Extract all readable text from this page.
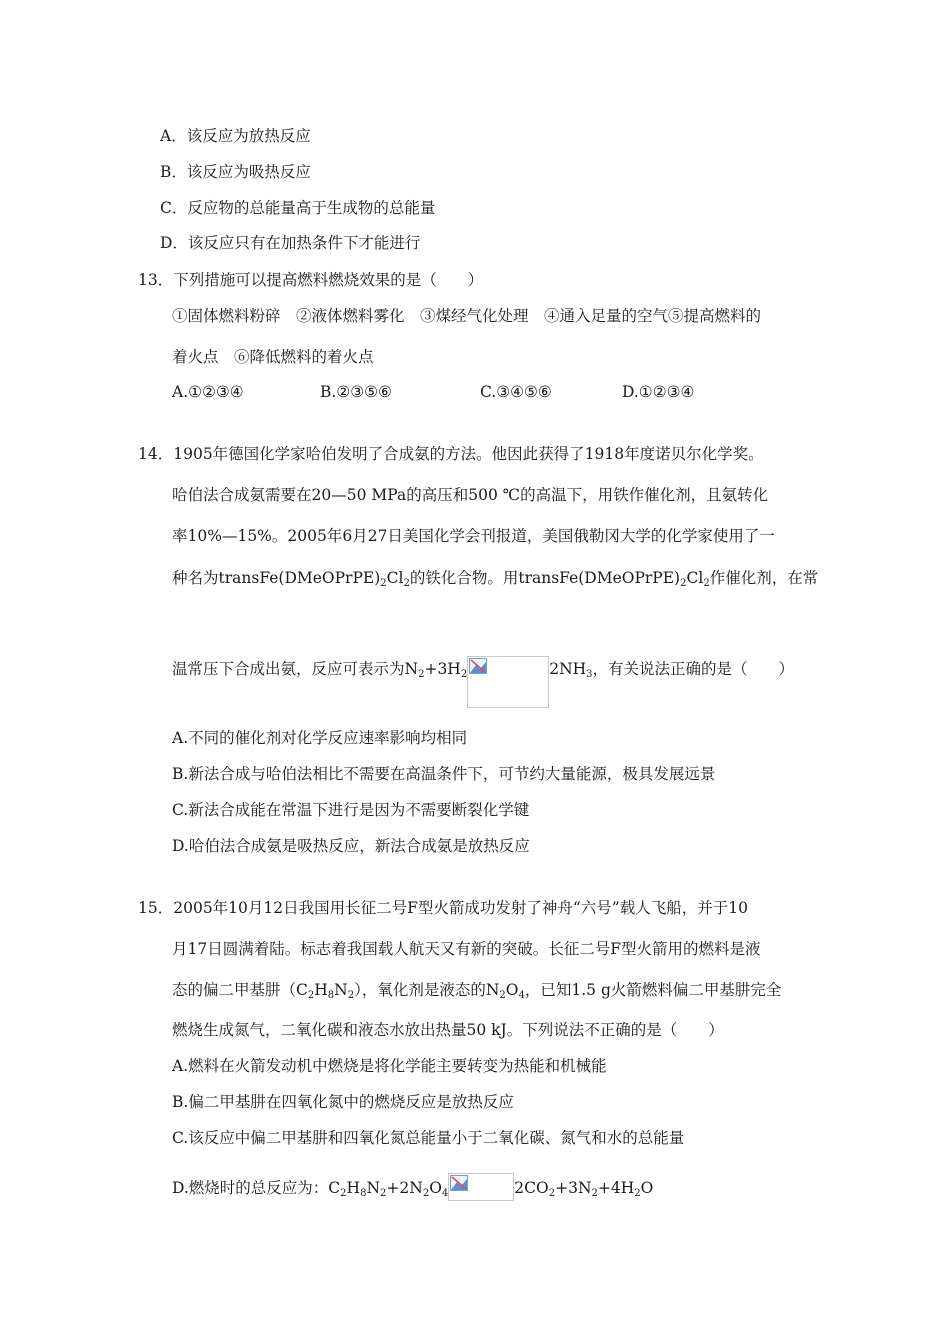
A．该反应为放热反应
B．该反应为吸热反应
C．反应物的总能量高于生成物的总能量
D．该反应只有在加热条件下才能进行
13．下列措施可以提高燃料燃烧效果的是（　　）
①固体燃料粉碎　②液体燃料雾化　③煤经气化处理　④通入足量的空气⑤提高燃料的
着火点　⑥降低燃料的着火点
A.①②③④	B.②③⑤⑥	C.③④⑤⑥	D.①②③④
14．1905年德国化学家哈伯发明了合成氨的方法。他因此获得了1918年度诺贝尔化学奖。
哈伯法合成氨需要在20—50 MPa的高压和500 ℃的高温下，用铁作催化剂，且氨转化
率10%—15%。2005年6月27日美国化学会刊报道，美国俄勒冈大学的化学家使用了一
种名为$transFe(DMeOPrPE)_2Cl_2$的铁化合物。用$transFe(DMeOPrPE)_2Cl_2$作催化剂，在常
温常压下合成出氨，反应可表示为$N_2+3H_2$	$2NH_3$，有关说法正确的是（　　）
A.不同的催化剂对化学反应速率影响均相同
B.新法合成与哈伯法相比不需要在高温条件下，可节约大量能源，极具发展远景
C.新法合成能在常温下进行是因为不需要断裂化学键
D.哈伯法合成氨是吸热反应，新法合成氨是放热反应
15．2005年10月12日我国用长征二号F型火箭成功发射了神舟“六号”载人飞船，并于10
月17日圆满着陆。标志着我国载人航天又有新的突破。长征二号F型火箭用的燃料是液
态的偏二甲基肼$(C_2H_8N_2)$，氧化剂是液态的$N_2O_4$，已知1.5 g火箭燃料偏二甲基肼完全
燃烧生成氮气，二氧化碳和液态水放出热量50 kJ。下列说法不正确的是（　　）
A.燃料在火箭发动机中燃烧是将化学能主要转变为热能和机械能
B.偏二甲基肼在四氧化氮中的燃烧反应是放热反应
C.该反应中偏二甲基肼和四氧化氮总能量小于二氧化碳、氮气和水的总能量
D.燃烧时的总反应为：$C_2H_8N_2+2N_2O_4$	$2CO_2+3N_2+4H_2O$
